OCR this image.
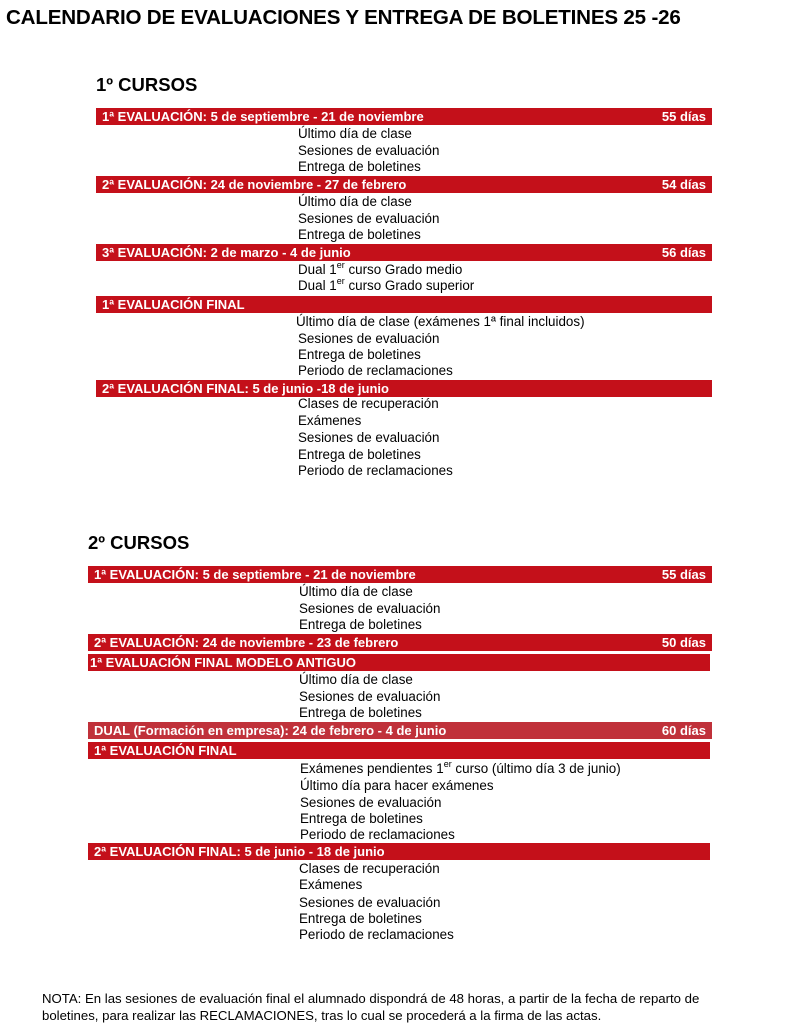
CALENDARIO DE EVALUACIONES Y ENTREGA DE BOLETINES 25 -26
1º CURSOS
1ª EVALUACIÓN: 5 de septiembre - 21 de noviembre	55 días
Último día de clase
Sesiones de evaluación
Entrega de boletines
2ª EVALUACIÓN: 24 de noviembre - 27 de febrero	54 días
Último día de clase
Sesiones de evaluación
Entrega de boletines
3ª EVALUACIÓN: 2 de marzo - 4 de junio	56 días
Dual 1er curso Grado medio
Dual 1er curso Grado superior
1ª EVALUACIÓN FINAL
Último día de clase (exámenes 1ª final incluidos)
Sesiones de evaluación
Entrega de boletines
Periodo de reclamaciones
2ª EVALUACIÓN FINAL: 5 de junio -18 de junio
Clases de recuperación
Exámenes
Sesiones de evaluación
Entrega de boletines
Periodo de reclamaciones
2º CURSOS
1ª EVALUACIÓN: 5 de septiembre - 21 de noviembre	55 días
Último día de clase
Sesiones de evaluación
Entrega de boletines
2ª EVALUACIÓN: 24 de noviembre - 23 de febrero	50 días
1ª EVALUACIÓN FINAL MODELO ANTIGUO
Último día de clase
Sesiones de evaluación
Entrega de boletines
DUAL (Formación en empresa): 24 de febrero - 4 de junio	60 días
1ª EVALUACIÓN FINAL
Exámenes pendientes 1er curso (último día 3 de junio)
Último día para hacer exámenes
Sesiones de evaluación
Entrega de boletines
Periodo de reclamaciones
2ª EVALUACIÓN FINAL: 5 de junio - 18 de junio
Clases de recuperación
Exámenes
Sesiones de evaluación
Entrega de boletines
Periodo de reclamaciones
NOTA: En las sesiones de evaluación final el alumnado dispondrá de 48 horas, a partir de la fecha de reparto de boletines, para realizar las RECLAMACIONES, tras lo cual se procederá a la firma de las actas.
